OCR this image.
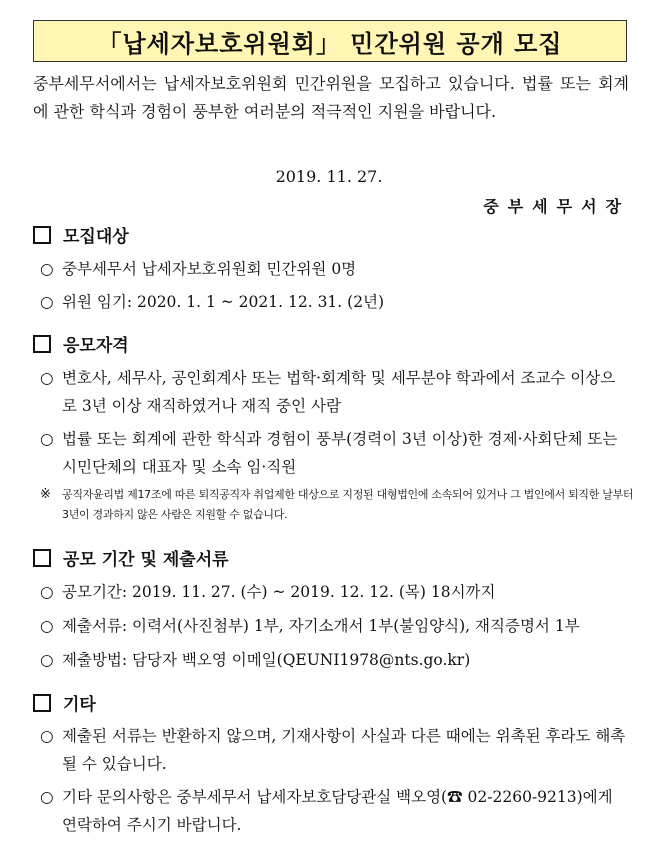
「납세자보호위원회」 민간위원 공개 모집
중부세무서에서는 납세자보호위원회 민간위원을 모집하고 있습니다. 법률 또는 회계에 관한 학식과 경험이 풍부한 여러분의 적극적인 지원을 바랍니다.
2019. 11. 27.
중부세무서장
모집대상
○ 중부세무서 납세자보호위원회 민간위원 0명
○ 위원 임기: 2020. 1. 1 ~ 2021. 12. 31. (2년)
응모자격
○ 변호사, 세무사, 공인회계사 또는 법학·회계학 및 세무분야 학과에서 조교수 이상으로 3년 이상 재직하였거나 재직 중인 사람
○ 법률 또는 회계에 관한 학식과 경험이 풍부(경력이 3년 이상)한 경제·사회단체 또는 시민단체의 대표자 및 소속 임·직원
※	공직자윤리법 제17조에 따른 퇴직공직자 취업제한 대상으로 지정된 대형법인에 소속되어 있거나 그 법인에서 퇴직한 날부터 3년이 경과하지 않은 사람은 지원할 수 없습니다.
공모 기간 및 제출서류
○ 공모기간: 2019. 11. 27. (수) ~ 2019. 12. 12. (목) 18시까지
○ 제출서류: 이력서(사진첨부) 1부, 자기소개서 1부(불임양식), 재직증명서 1부
○ 제출방법: 담당자 백오영 이메일(QEUNI1978@nts.go.kr)
기타
○ 제출된 서류는 반환하지 않으며, 기재사항이 사실과 다른 때에는 위촉된 후라도 해촉될 수 있습니다.
○ 기타 문의사항은 중부세무서 납세자보호담당관실 백오영(☎ 02-2260-9213)에게 연락하여 주시기 바랍니다.
